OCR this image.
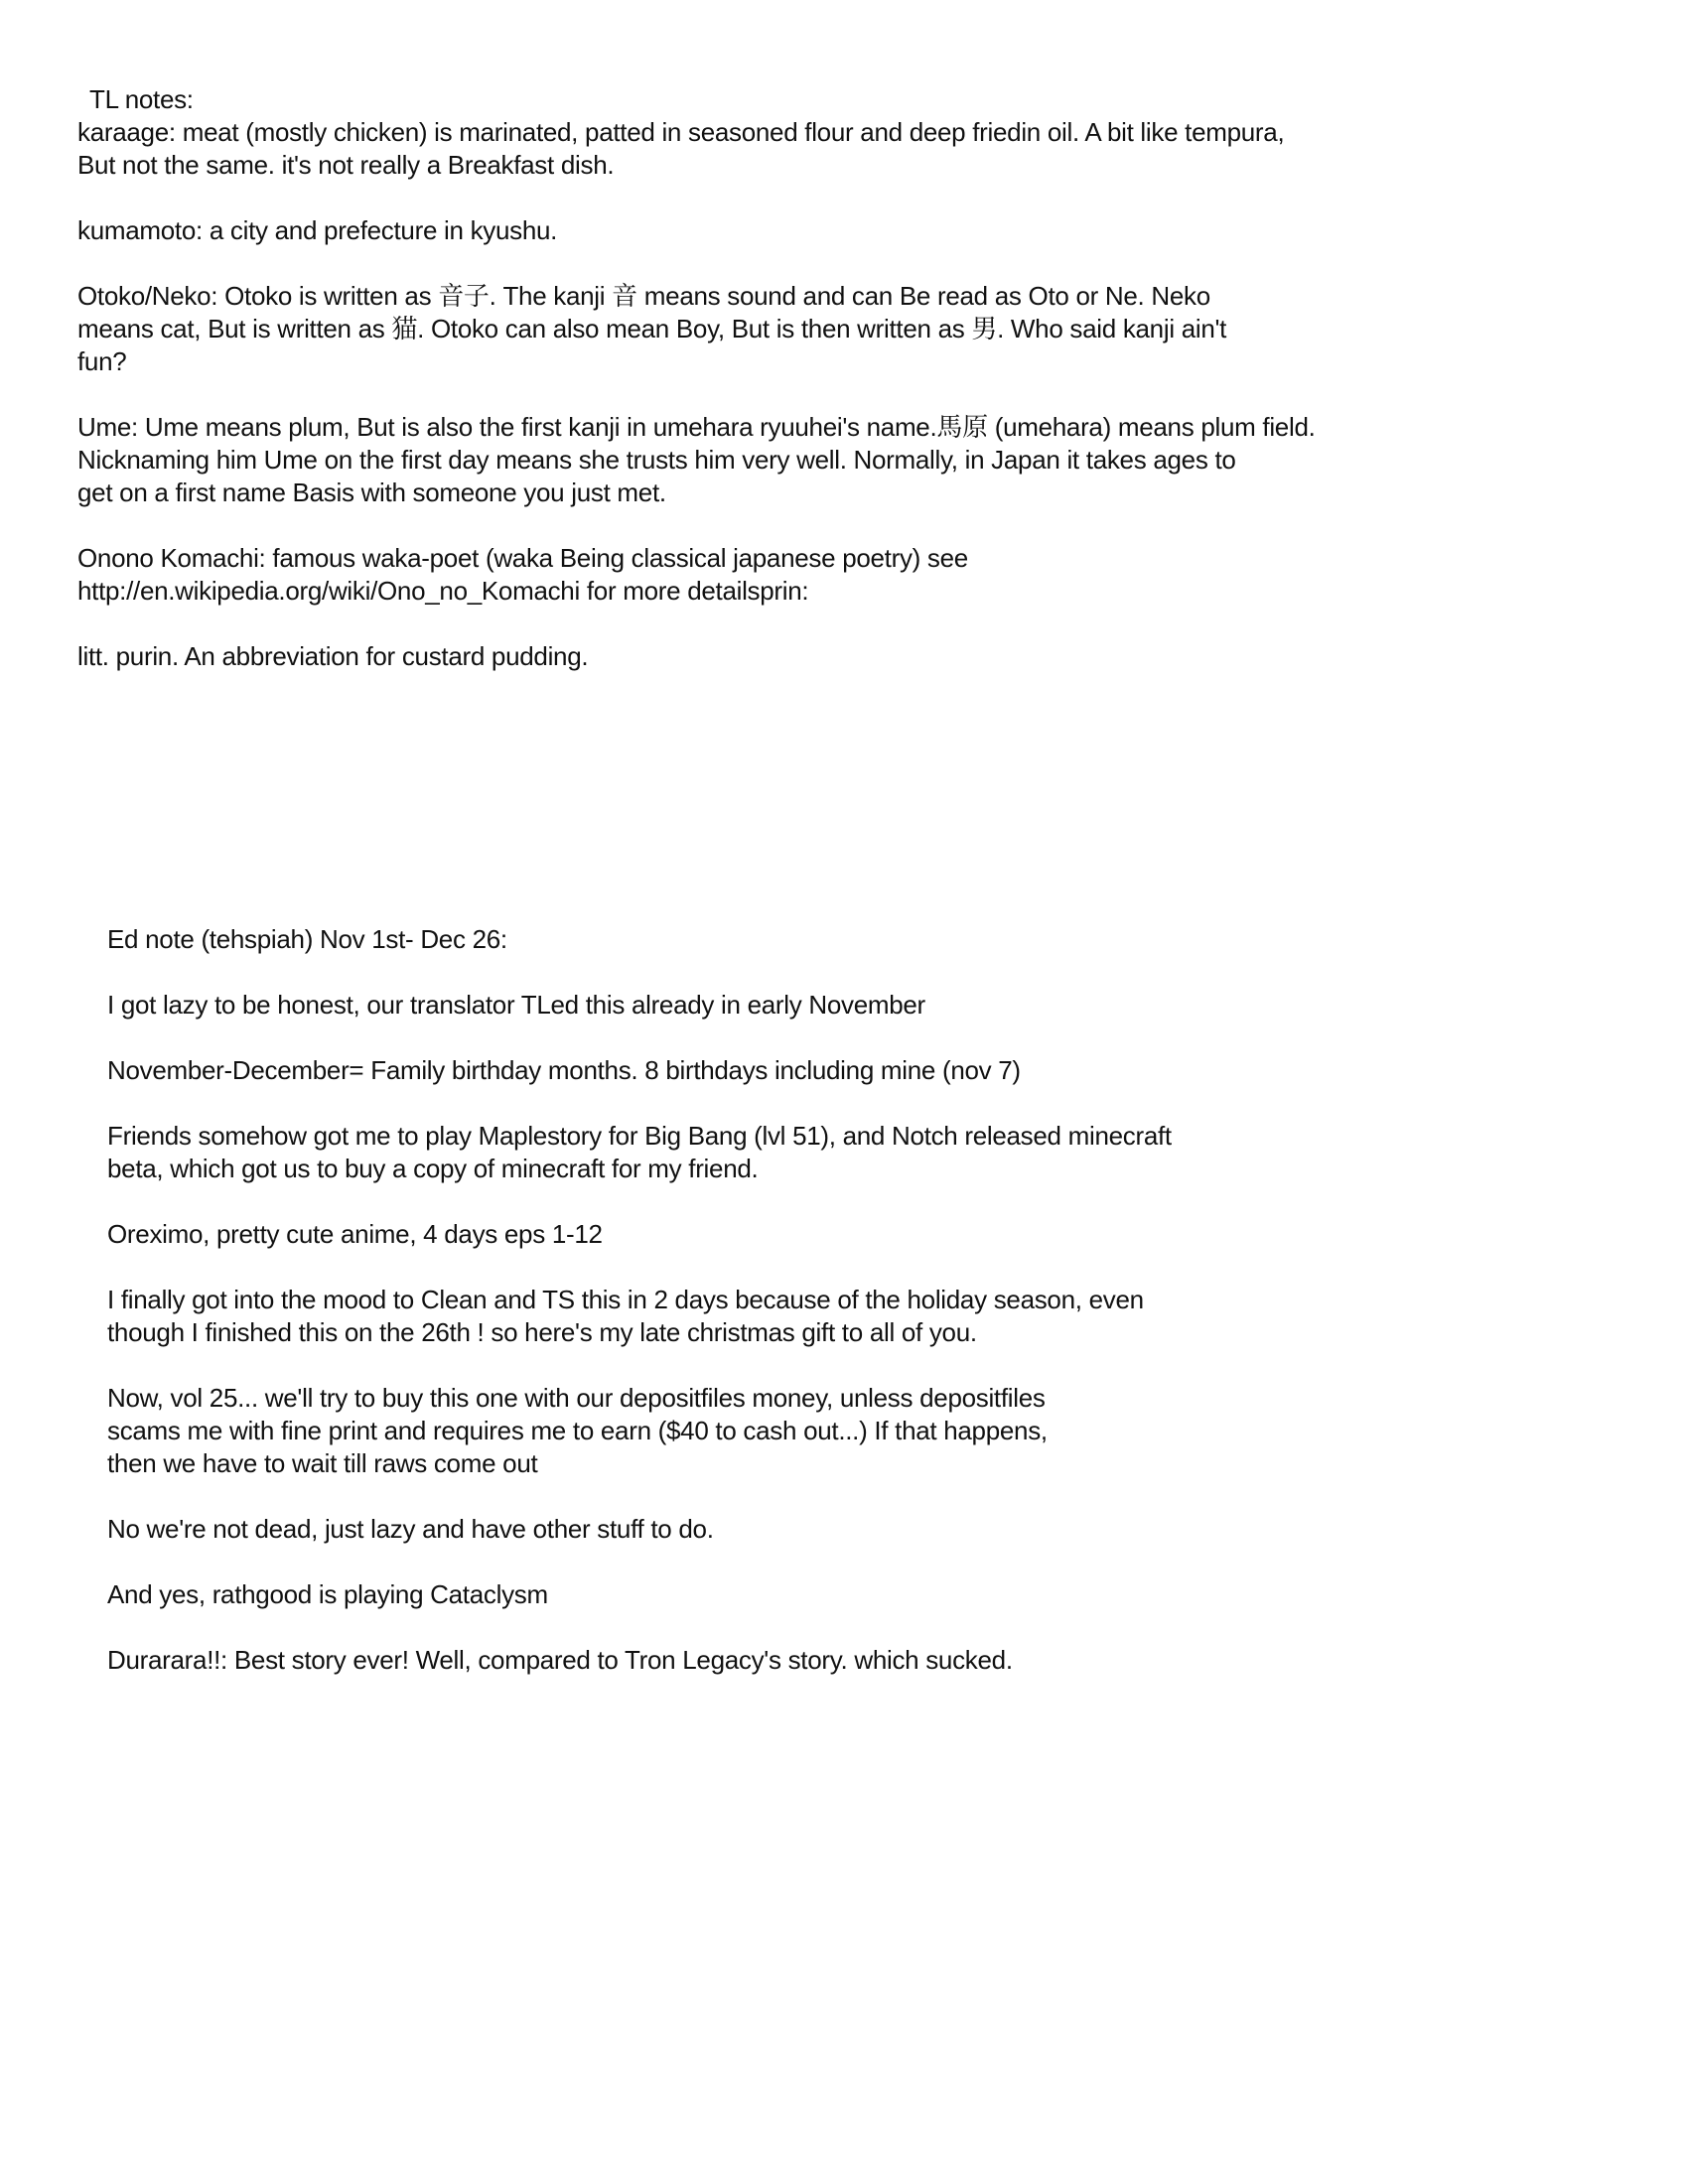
TL notes:
karaage: meat (mostly chicken) is marinated, patted in seasoned flour and deep friedin oil. A bit like tempura,
But not the same. it's not really a Breakfast dish.
kumamoto: a city and prefecture in kyushu.
Otoko/Neko: Otoko is written as 音子. The kanji 音 means sound and can Be read as Oto or Ne. Neko
means cat, But is written as 猫. Otoko can also mean Boy, But is then written as 男. Who said kanji ain't
fun?
Ume: Ume means plum, But is also the first kanji in umehara ryuuhei's name.馬原 (umehara) means plum field.
Nicknaming him Ume on the first day means she trusts him very well. Normally, in Japan it takes ages to
get on a first name Basis with someone you just met.
Onono Komachi: famous waka-poet (waka Being classical japanese poetry) see
http://en.wikipedia.org/wiki/Ono_no_Komachi for more detailsprin:
litt. purin. An abbreviation for custard pudding.
Ed note (tehspiah) Nov 1st- Dec 26:
I got lazy to be honest, our translator TLed this already in early November
November-December= Family birthday months. 8 birthdays including mine (nov 7)
Friends somehow got me to play Maplestory for Big Bang (lvl 51), and Notch released minecraft
beta, which got us to buy a copy of minecraft for my friend.
Oreximo, pretty cute anime, 4 days eps 1-12
I finally got into the mood to Clean and TS this in 2 days because of the holiday season, even
though I finished this on the 26th ! so here's my late christmas gift to all of you.
Now, vol 25... we'll try to buy this one with our depositfiles money, unless depositfiles
scams me with fine print and requires me to earn ($40 to cash out...) If that happens,
then we have to wait till raws come out
No we're not dead, just lazy and have other stuff to do.
And yes, rathgood is playing Cataclysm
Durarara!!: Best story ever! Well, compared to Tron Legacy's story. which sucked.
